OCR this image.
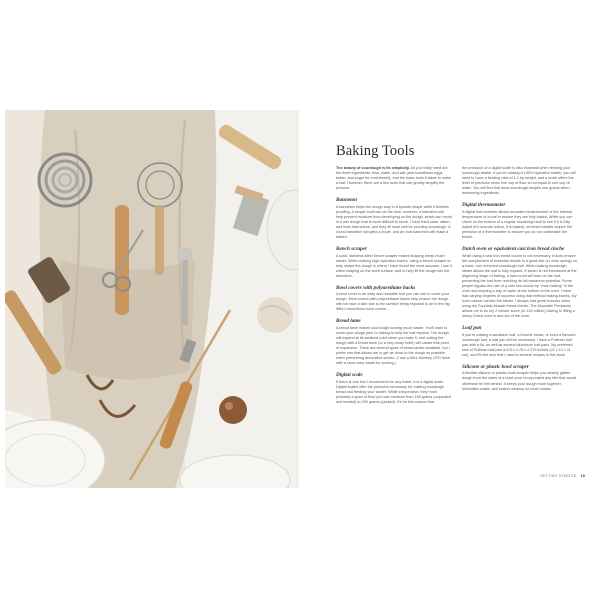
Baking Tools

The beauty of sourdough is its simplicity. All you really need are the fresh ingredients: flour, water, and salt (and sometimes eggs, butter, and sugar for enrichment), and the basic tools it takes to make a loaf. However, there are a few tools that can greatly simplify the process.

Banneton

A banneton helps the dough stay in a specific shape while it finishes proofing. A simple bowl can do the trick; however, a banneton will help prevent moisture from developing on the dough, which can result in a wet dough that is more difficult to score. I have tried cane, rattan, and linen bannetons, and they all work well for proofing sourdough. A round banneton will yield a boule, and an oval banneton will make a batard.

Bench scraper

A solid, stainless steel bench scraper makes shaping bread much easier. When making high hydration loaves, using a bench scraper to help shape the dough is where I have found the most success. I use it when shaping on the work surface, and to help lift the dough into the banneton.

Bowl covers with polyurethane backs

A bowl cover is an easy and reusable tool you can use to cover your dough. Bowl covers with polyurethane backs help ensure the dough will not have a skin due to the surface being exposed to air in the big Wild Connections bowl covers.

Bread lame

A bread lame makes sourdough scoring much easier. You'll want to score your dough prior to baking to help the loaf expand. The dough will expand at its weakest point when you bake it, and cutting the dough with a bread lame (or a very sharp knife) will create that point of expansion. There are several types of bread lames available, but I prefer one that allows me to get as close to the dough as possible when performing decorative scores. (I use a Wire Monkey UFO lame with a short razor blade for scoring.)

Digital scale

If there is one tool I recommend for any baker, it is a digital scale. Digital scales offer the precision necessary for making sourdough bread and feeding your starter. While inexpensive, they most probably a span of flour you can measure from 150 grams (unpacked and leveled) to 200 grams (packed). It's for this reason that

the precision of a digital scale is also essential when feeding your sourdough starter. If you're making a 100% hydration starter, you will need to have a feeding ratio of 1:1 by weight, and a scale offers the level of precision since one cup of flour is not equal to one cup of water. You will find that most sourdough recipes use grams when measuring ingredients.

Digital thermometer

A digital thermometer allows accurate measurement of the internal temperature of a loaf to ensure they are fully baked. While you can check on the bottom of a regular sourdough loaf to see if it is fully baked (if it sounds hollow, it is baked), enriched breads require the precision of a thermometer to ensure you do not underbake the bread.

Dutch oven or equivalent cast iron bread cloche

While using a cast iron bread cloche is not necessary, it does ensure the complement of essential results in a good rise (or oven spring) on a basic, non-enriched sourdough loaf. When baking sourdough, steam allows the loaf to fully expand. If steam is not introduced at the beginning stage of baking, a hard crust will form on the loaf, preventing the loaf from reaching its full maximum potential. Some people bypass the use of a cast iron cloche by "oven baking" in the oven and keeping a tray of water at the bottom of the oven. I have had varying degrees of success using that method baking loaves. My oven cannot contain the steam. I always had great success when using my Fountain Mosaic bread cloche. The Mountain Peninsula allows me to do my 2 minute score (or 100 million) having to lifting a heavy Dutch oven in and out of the oven.

Loaf pan

If you're making a sandwich loaf, a brioche bread, or even a flavored sourdough loaf, a loaf pan will be necessary. I have a Pullman loaf pan with a lid, as well as several aluminum loaf pans. My preferred size of Pullman loaf pan is 8.5 x 4.75 x 4.375 inches (22 x 12 x 11 cm), and it's the size that I used in several recipes in this book.

Silicone or plastic bowl scraper

A flexible silicone or plastic bowl scraper helps you cleanly gather dough from the sides of a bowl once incorporated any bits that would otherwise be left behind. It keeps your dough more together, eliminates waste, and makes cleanup so much easier.

GETTING STARTED 19
